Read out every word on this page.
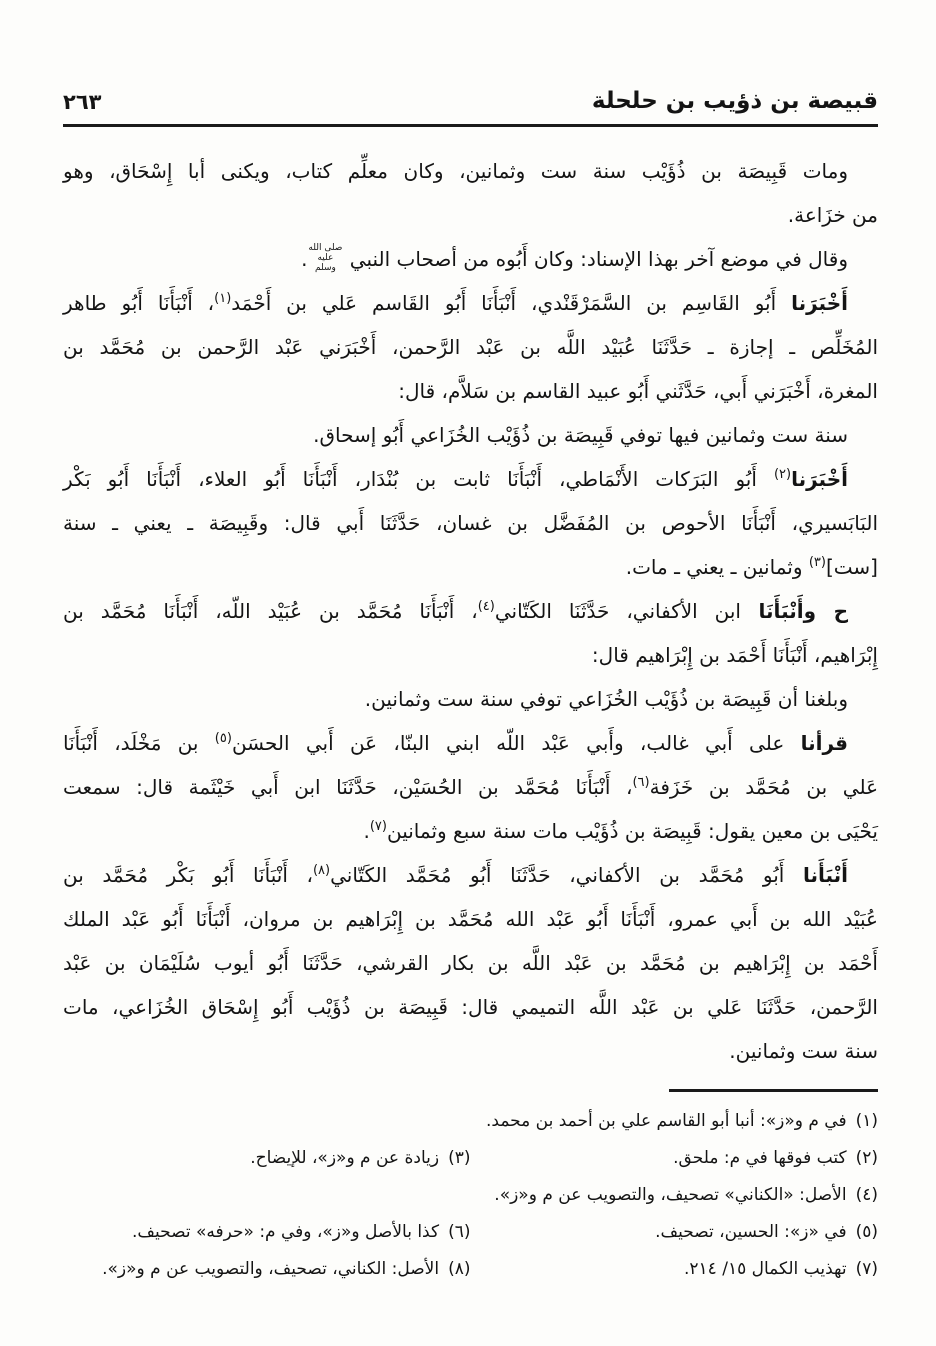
٢٦٣	قبيصة بن ذؤيب بن حلحلة
ومات قَبِيصَة بن ذُؤَيْب سنة ست وثمانين، وكان معلِّم كتاب، ويكنى أبا إِسْحَاق، وهو
من خزَاعة.
وقال في موضع آخر بهذا الإسناد: وكان أَبُوه من أصحاب النبي صلى الله عليه وسلم.
أَخْبَرَنا أَبُو القَاسِم بن السَّمَرْقَنْدي، أَنْبَأَنَا أَبُو القَاسم عَلي بن أَحْمَد$^{(١)}$، أَنْبَأَنَا أَبُو طاهر
المُخَلِّص ـ إجازة ـ حَدَّثَنَا عُبَيْد اللَّه بن عَبْد الرَّحمن، أَخْبَرَني عَبْد الرَّحمن بن مُحَمَّد بن
المغرة، أَخْبَرَني أَبي، حَدَّثَني أَبُو عبيد القاسم بن سَلاَّم، قال:
سنة ست وثمانين فيها توفي قَبِيصَة بن ذُؤَيْب الخُزَاعي أَبُو إسحاق.
أَخْبَرَنا$^{(٢)}$ أَبُو البَرَكات الأَنْمَاطي، أَنْبَأَنَا ثابت بن بُنْدَار، أَنْبَأَنَا أَبُو العلاء، أَنْبَأَنَا أَبُو بَكْر
البَابَسيري، أَنْبَأَنَا الأحوص بن المُفَضَّل بن غسان، حَدَّثَنَا أَبي قال: وقَبِيصَة ـ يعني ـ سنة
[ست]$^{(٣)}$ وثمانين ـ يعني ـ مات.
ح وأَنْبَأَنَا ابن الأكفاني، حَدَّثَنَا الكَتّاني$^{(٤)}$، أَنْبَأَنَا مُحَمَّد بن عُبَيْد اللّه، أَنْبَأَنَا مُحَمَّد بن
إِبْرَاهيم، أَنْبَأَنَا أَحْمَد بن إِبْرَاهيم قال:
وبلغنا أن قَبِيصَة بن ذُؤَيْب الخُزَاعي توفي سنة ست وثمانين.
قرأنا على أَبي غالب، وأَبي عَبْد اللّه ابني البنّا، عَن أَبي الحسَن$^{(٥)}$ بن مَخْلَد، أَنْبَأَنَا
عَلي بن مُحَمَّد بن خَزَفة$^{(٦)}$، أَنْبَأَنَا مُحَمَّد بن الحُسَيْن، حَدَّثَنَا ابن أَبي خَيْثَمة قال: سمعت
يَحْيَى بن معين يقول: قَبِيصَة بن ذُؤَيْب مات سنة سبع وثمانين$^{(٧)}$.
أَنْبَأَنا أَبُو مُحَمَّد بن الأكفاني، حَدَّثَنَا أَبُو مُحَمَّد الكَتّاني$^{(٨)}$، أَنْبَأَنَا أَبُو بَكْر مُحَمَّد بن
عُبَيْد الله بن أَبي عمرو، أَنْبَأَنَا أَبُو عَبْد الله مُحَمَّد بن إِبْرَاهيم بن مروان، أَنْبَأَنَا أَبُو عَبْد الملك
أَحْمَد بن إِبْرَاهيم بن مُحَمَّد بن عَبْد اللَّه بن بكار القرشي، حَدَّثَنَا أَبُو أيوب سُلَيْمَان بن عَبْد
الرَّحمن، حَدَّثَنَا عَلي بن عَبْد اللَّه التميمي قال: قَبِيصَة بن ذُؤَيْب أَبُو إِسْحَاق الخُزَاعي، مات
سنة ست وثمانين.
(١)في م و«ز»: أنبا أبو القاسم علي بن أحمد بن محمد.
(٢)كتب فوقها في م: ملحق.
(٣)زيادة عن م و«ز»، للإيضاح.
(٤)الأصل: «الكناني» تصحيف، والتصويب عن م و«ز».
(٥)في «ز»: الحسين، تصحيف.
(٦)كذا بالأصل و«ز»، وفي م: «حرفه» تصحيف.
(٧)تهذيب الكمال ١٥/ ٢١٤.
(٨)الأصل: الكناني، تصحيف، والتصويب عن م و«ز».
